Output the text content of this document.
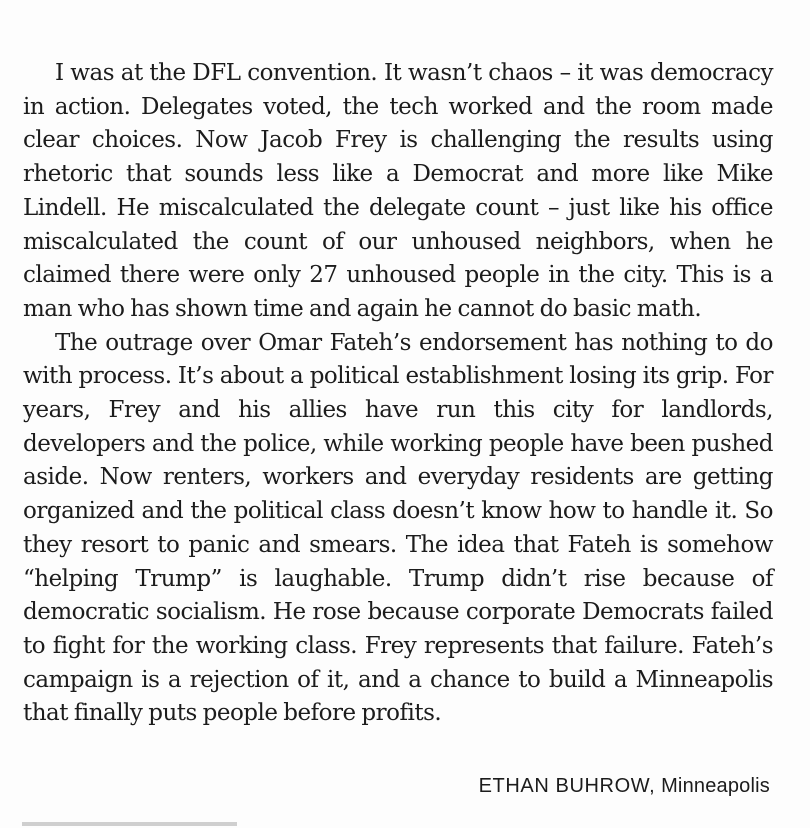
I was at the DFL convention. It wasn’t chaos – it was democracy in action. Delegates voted, the tech worked and the room made clear choices. Now Jacob Frey is challenging the results using rhetoric that sounds less like a Democrat and more like Mike Lindell. He miscalculated the delegate count – just like his office miscalculated the count of our unhoused neighbors, when he claimed there were only 27 unhoused people in the city. This is a man who has shown time and again he cannot do basic math.

The outrage over Omar Fateh’s endorsement has nothing to do with process. It’s about a political establishment losing its grip. For years, Frey and his allies have run this city for landlords, developers and the police, while working people have been pushed aside. Now renters, workers and everyday residents are getting organized and the political class doesn’t know how to handle it. So they resort to panic and smears. The idea that Fateh is somehow “helping Trump” is laughable. Trump didn’t rise because of democratic socialism. He rose because corporate Democrats failed to fight for the working class. Frey represents that failure. Fateh’s campaign is a rejection of it, and a chance to build a Minneapolis that finally puts people before profits.

ETHAN BUHROW, Minneapolis
